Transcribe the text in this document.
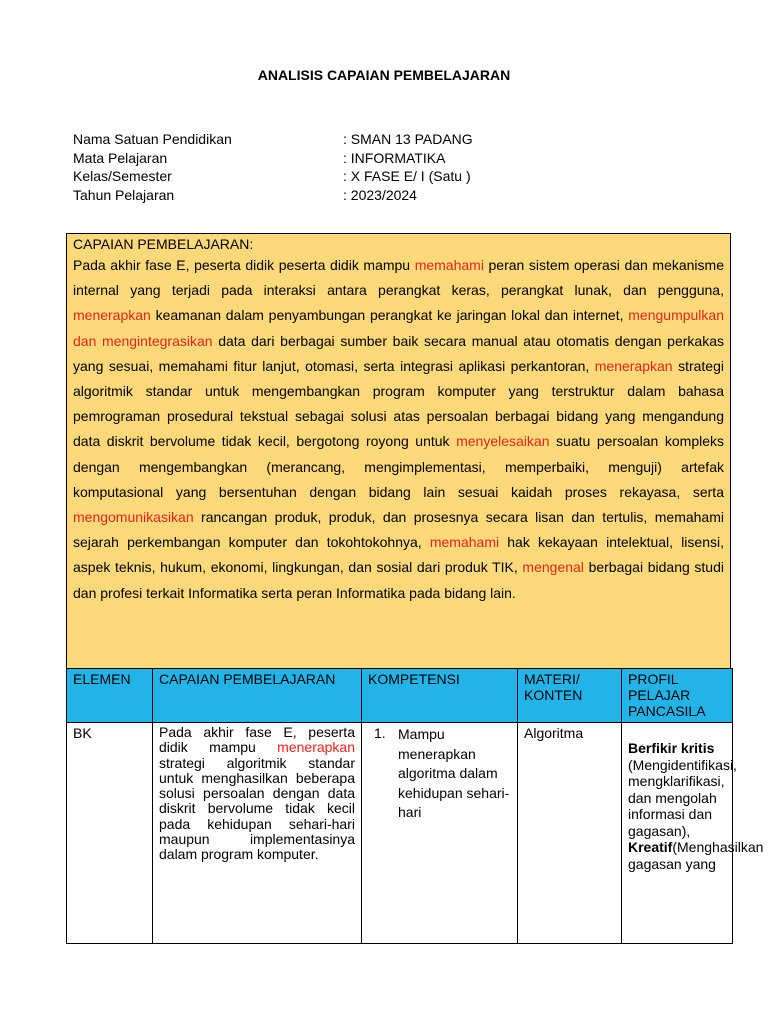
ANALISIS CAPAIAN PEMBELAJARAN
Nama Satuan Pendidikan	: SMAN 13 PADANG
Mata Pelajaran	: INFORMATIKA
Kelas/Semester	: X FASE E/ I (Satu )
Tahun Pelajaran	: 2023/2024
CAPAIAN PEMBELAJARAN:

Pada akhir fase E, peserta didik peserta didik mampu memahami peran sistem operasi dan mekanisme internal yang terjadi pada interaksi antara perangkat keras, perangkat lunak, dan pengguna, menerapkan keamanan dalam penyambungan perangkat ke jaringan lokal dan internet, mengumpulkan dan mengintegrasikan data dari berbagai sumber baik secara manual atau otomatis dengan perkakas yang sesuai, memahami fitur lanjut, otomasi, serta integrasi aplikasi perkantoran, menerapkan strategi algoritmik standar untuk mengembangkan program komputer yang terstruktur dalam bahasa pemrograman prosedural tekstual sebagai solusi atas persoalan berbagai bidang yang mengandung data diskrit bervolume tidak kecil, bergotong royong untuk menyelesaikan suatu persoalan kompleks dengan mengembangkan (merancang, mengimplementasi, memperbaiki, menguji) artefak komputasional yang bersentuhan dengan bidang lain sesuai kaidah proses rekayasa, serta mengomunikasikan rancangan produk, produk, dan prosesnya secara lisan dan tertulis, memahami sejarah perkembangan komputer dan tokohtokohnya, memahami hak kekayaan intelektual, lisensi, aspek teknis, hukum, ekonomi, lingkungan, dan sosial dari produk TIK, mengenal berbagai bidang studi dan profesi terkait Informatika serta peran Informatika pada bidang lain.

ELEMEN	CAPAIAN PEMBELAJARAN	KOMPETENSI	MATERI/ KONTEN	PROFIL PELAJAR PANCASILA
BK	Pada akhir fase E, peserta didik mampu menerapkan strategi algoritmik standar untuk menghasilkan beberapa solusi persoalan dengan data diskrit bervolume tidak kecil pada kehidupan sehari-hari maupun implementasinya dalam program komputer.	1. Mampu menerapkan algoritma dalam kehidupan sehari-hari	Algoritma	Berfikir kritis (Mengidentifikasi, mengklarifikasi, dan mengolah informasi dan gagasan),
Kreatif(Menghasilkan gagasan yang
